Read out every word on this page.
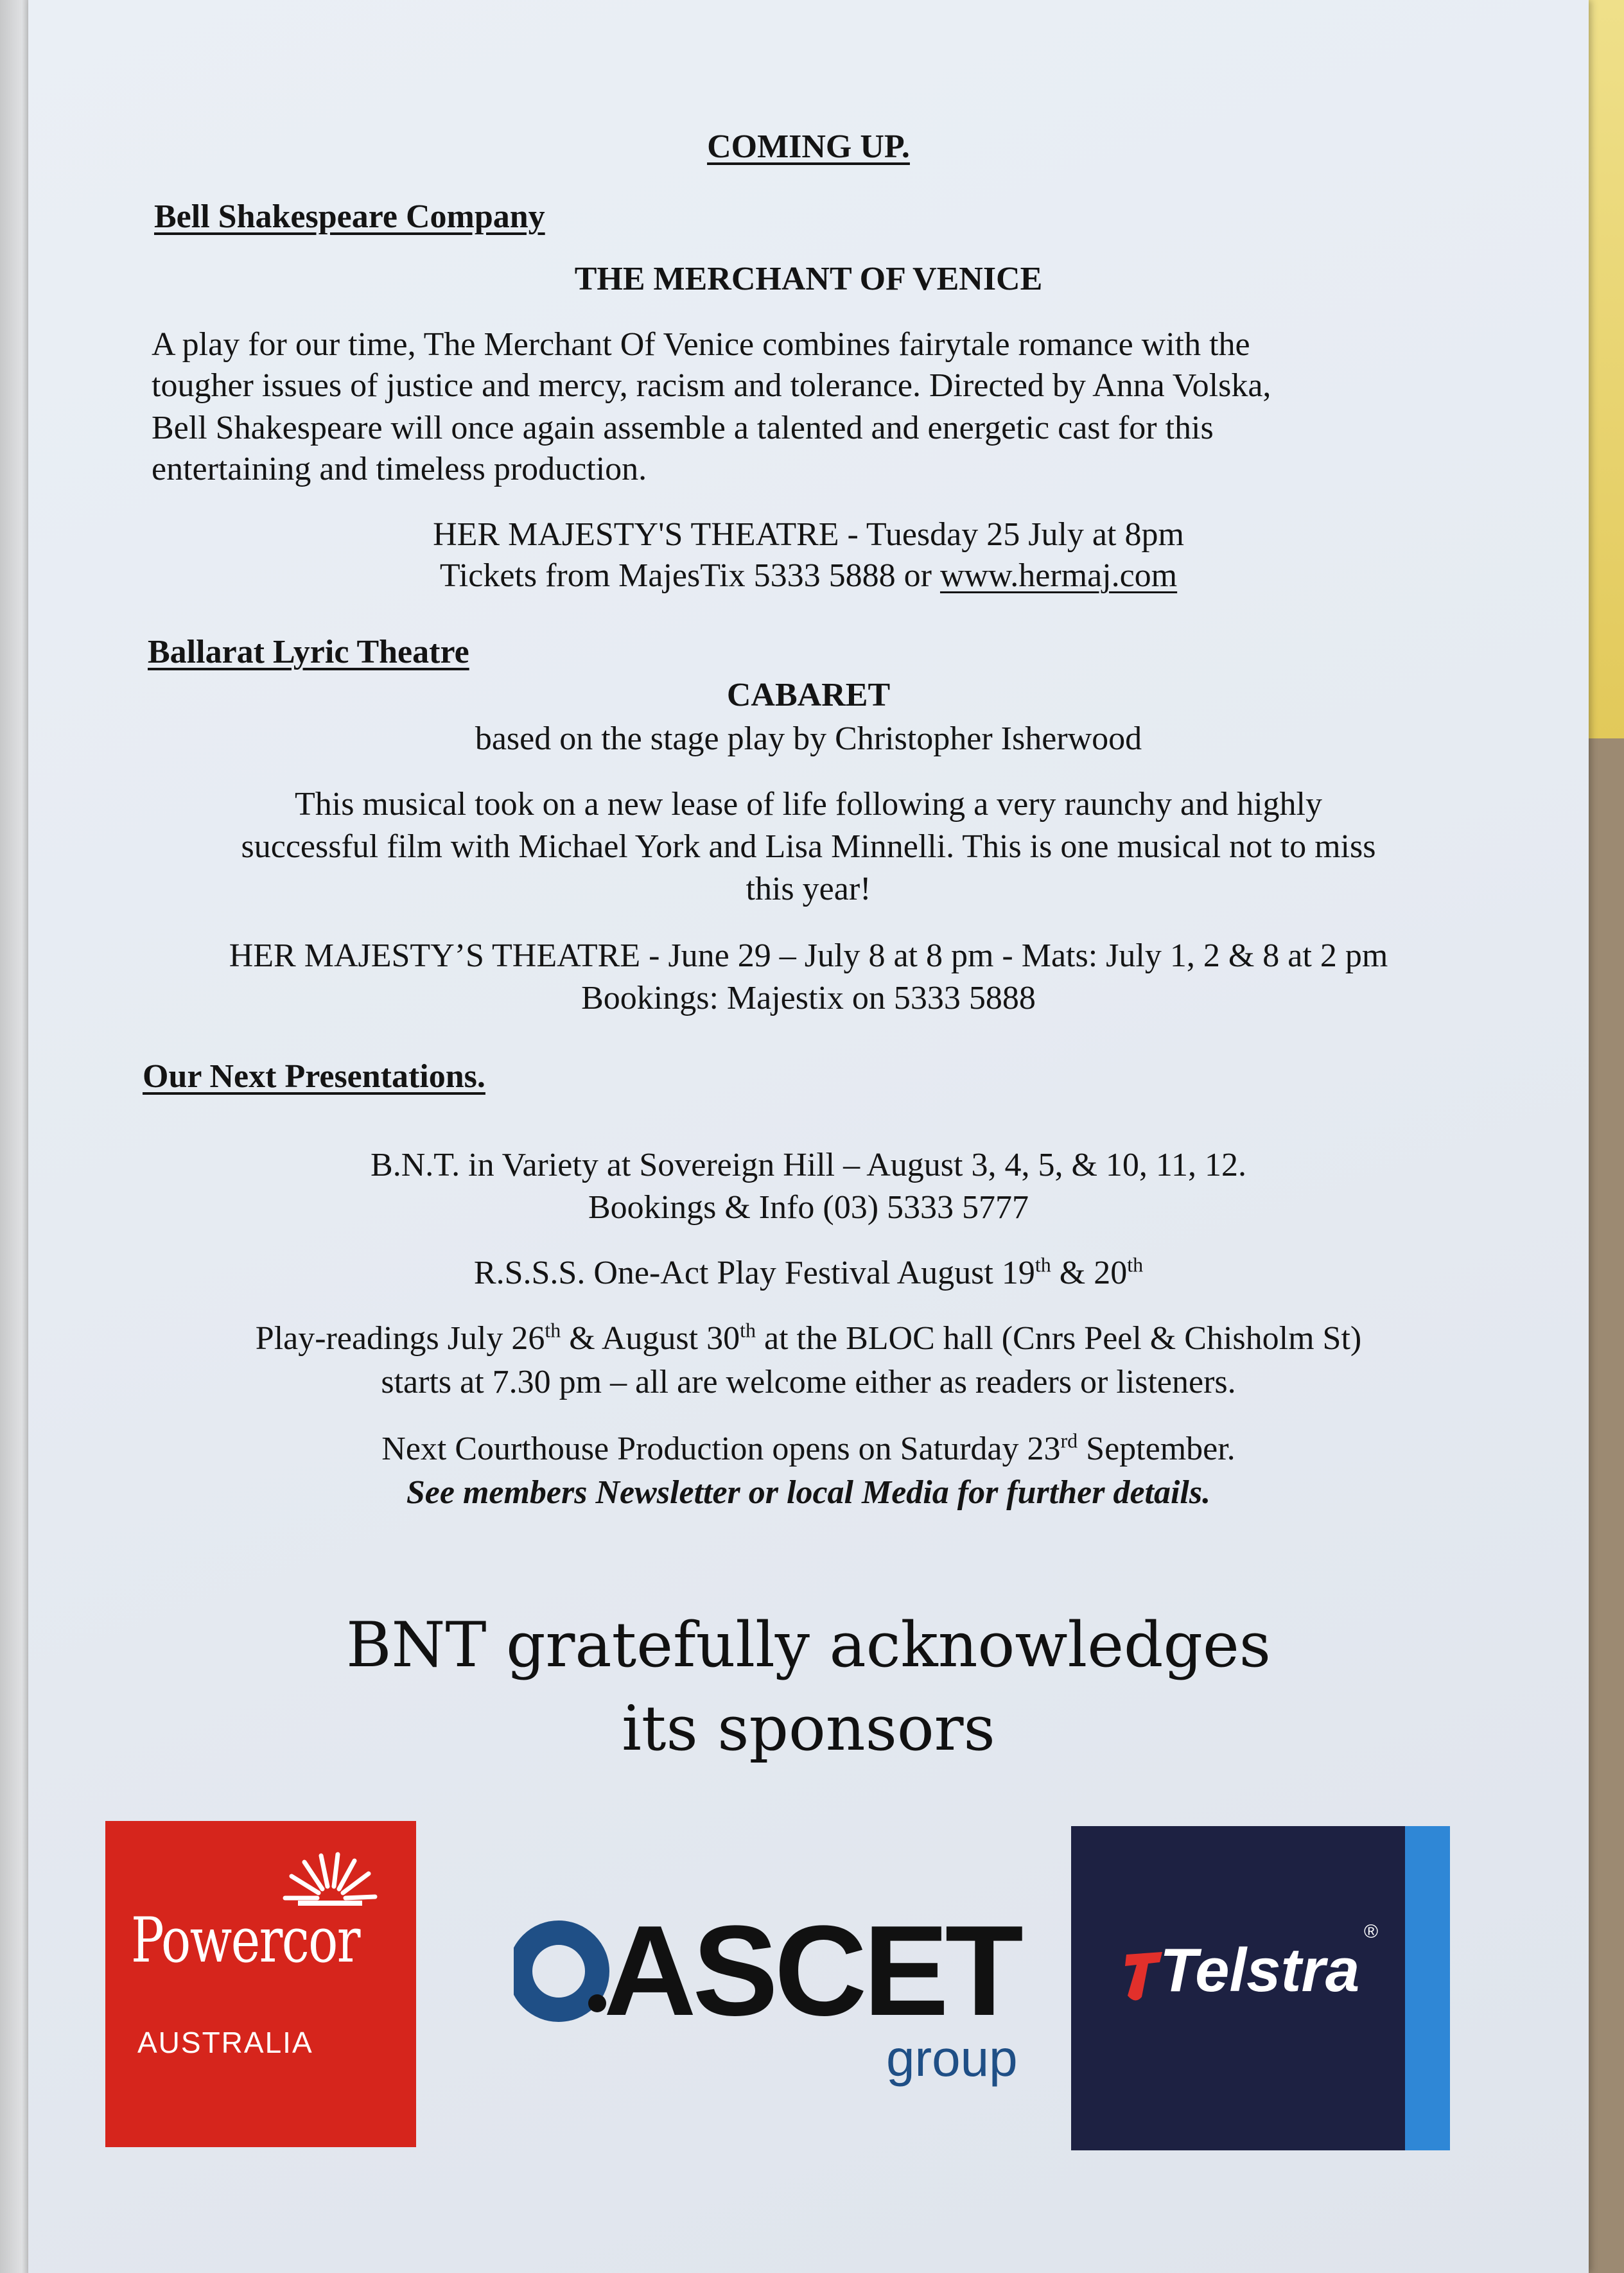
COMING UP.
Bell Shakespeare Company
THE MERCHANT OF VENICE
A play for our time, The Merchant Of Venice combines fairytale romance with the
tougher issues of justice and mercy, racism and tolerance. Directed by Anna Volska,
Bell Shakespeare will once again assemble a talented and energetic cast for this
entertaining and timeless production.
HER MAJESTY'S THEATRE - Tuesday 25 July at 8pm
Tickets from MajesTix 5333 5888 or www.hermaj.com
Ballarat Lyric Theatre
CABARET
based on the stage play by Christopher Isherwood
This musical took on a new lease of life following a very raunchy and highly
successful film with Michael York and Lisa Minnelli. This is one musical not to miss
this year!
HER MAJESTY’S THEATRE - June 29 – July 8 at 8 pm - Mats: July 1, 2 & 8 at 2 pm
Bookings: Majestix on 5333 5888
Our Next Presentations.
B.N.T. in Variety at Sovereign Hill – August 3, 4, 5, & 10, 11, 12.
Bookings & Info (03) 5333 5777
R.S.S.S. One-Act Play Festival August 19th & 20th
Play-readings July 26th & August 30th at the BLOC hall (Cnrs Peel & Chisholm St)
starts at 7.30 pm – all are welcome either as readers or listeners.
Next Courthouse Production opens on Saturday 23rd September.
See members Newsletter or local Media for further details.
BNT gratefully acknowledges
its sponsors
Powercor
AUSTRALIA ASCET
group
Telstra
®
